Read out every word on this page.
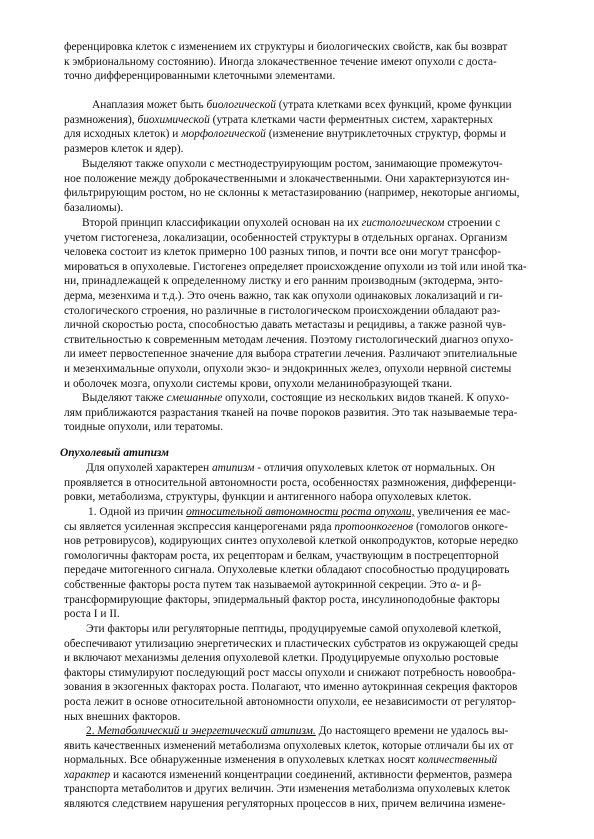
ференцировка клеток с изменением их структуры и биологических свойств, как бы возврат
к эмбриональному состоянию). Иногда злокачественное течение имеют опухоли с доста-
точно дифференцированными клеточными элементами.
Анаплазия может быть биологической (утрата клетками всех функций, кроме функции
размножения), биохимической (утрата клетками части ферментных систем, характерных
для исходных клеток) и морфологической (изменение внутриклеточных структур, формы и
размеров клеток и ядер).
Выделяют также опухоли с местнодеструирующим ростом, занимающие промежуточ-
ное положение между доброкачественными и злокачественными. Они характеризуются ин-
фильтрирующим ростом, но не склонны к метастазированию (например, некоторые ангиомы,
базалиомы).
Второй принцип классификации опухолей основан на их гистологическом строении с
учетом гистогенеза, локализации, особенностей структуры в отдельных органах. Организм
человека состоит из клеток примерно 100 разных типов, и почти все они могут трансфор-
мироваться в опухолевые. Гистогенез определяет происхождение опухоли из той или иной тка-
ни, принадлежащей к определенному листку и его ранним производным (эктодерма, энто-
дерма, мезенхима и т.д.). Это очень важно, так как опухоли одинаковых локализаций и ги-
стологического строения, но различные в гистологическом происхождении обладают раз-
личной скоростью роста, способностью давать метастазы и рецидивы, а также разной чув-
ствительностью к современным методам лечения. Поэтому гистологический диагноз опухо-
ли имеет первостепенное значение для выбора стратегии лечения. Различают эпителиальные
и мезенхимальные опухоли, опухоли экзо- и эндокринных желез, опухоли нервной системы
и оболочек мозга, опухоли системы крови, опухоли меланинобразующей ткани.
Выделяют также смешанные опухоли, состоящие из нескольких видов тканей. К опухо-
лям приближаются разрастания тканей на почве пороков развития. Это так называемые тера-
тоидные опухоли, или тератомы.
Опухолевый атипизм
Для опухолей характерен атипизм - отличия опухолевых клеток от нормальных. Он
проявляется в относительной автономности роста, особенностях размножения, дифференци-
ровки, метаболизма, структуры, функции и антигенного набора опухолевых клеток.
1. Одной из причин относительной автономности роста опухоли, увеличения ее мас-
сы является усиленная экспрессия канцерогенами ряда протоонкогенов (гомологов онкоге-
нов ретровирусов), кодирующих синтез опухолевой клеткой онкопродуктов, которые нередко
гомологичны факторам роста, их рецепторам и белкам, участвующим в пострецепторной
передаче митогенного сигнала. Опухолевые клетки обладают способностью продуцировать
собственные факторы роста путем так называемой аутокринной секреции. Это α- и β-
трансформирующие факторы, эпидермальный фактор роста, инсулиноподобные факторы
роста I и II.
Эти факторы или регуляторные пептиды, продуцируемые самой опухолевой клеткой,
обеспечивают утилизацию энергетических и пластических субстратов из окружающей среды
и включают механизмы деления опухолевой клетки. Продуцируемые опухолью ростовые
факторы стимулируют последующий рост массы опухоли и снижают потребность новообра-
зования в экзогенных факторах роста. Полагают, что именно аутокринная секреция факторов
роста лежит в основе относительной автономности опухоли, ее независимости от регулятор-
ных внешних факторов.
2. Метаболический и энергетический атипизм. До настоящего времени не удалось вы-
явить качественных изменений метаболизма опухолевых клеток, которые отличали бы их от
нормальных. Все обнаруженные изменения в опухолевых клетках носят количественный
характер и касаются изменений концентрации соединений, активности ферментов, размера
транспорта метаболитов и других величин. Эти изменения метаболизма опухолевых клеток
являются следствием нарушения регуляторных процессов в них, причем величина измене-
